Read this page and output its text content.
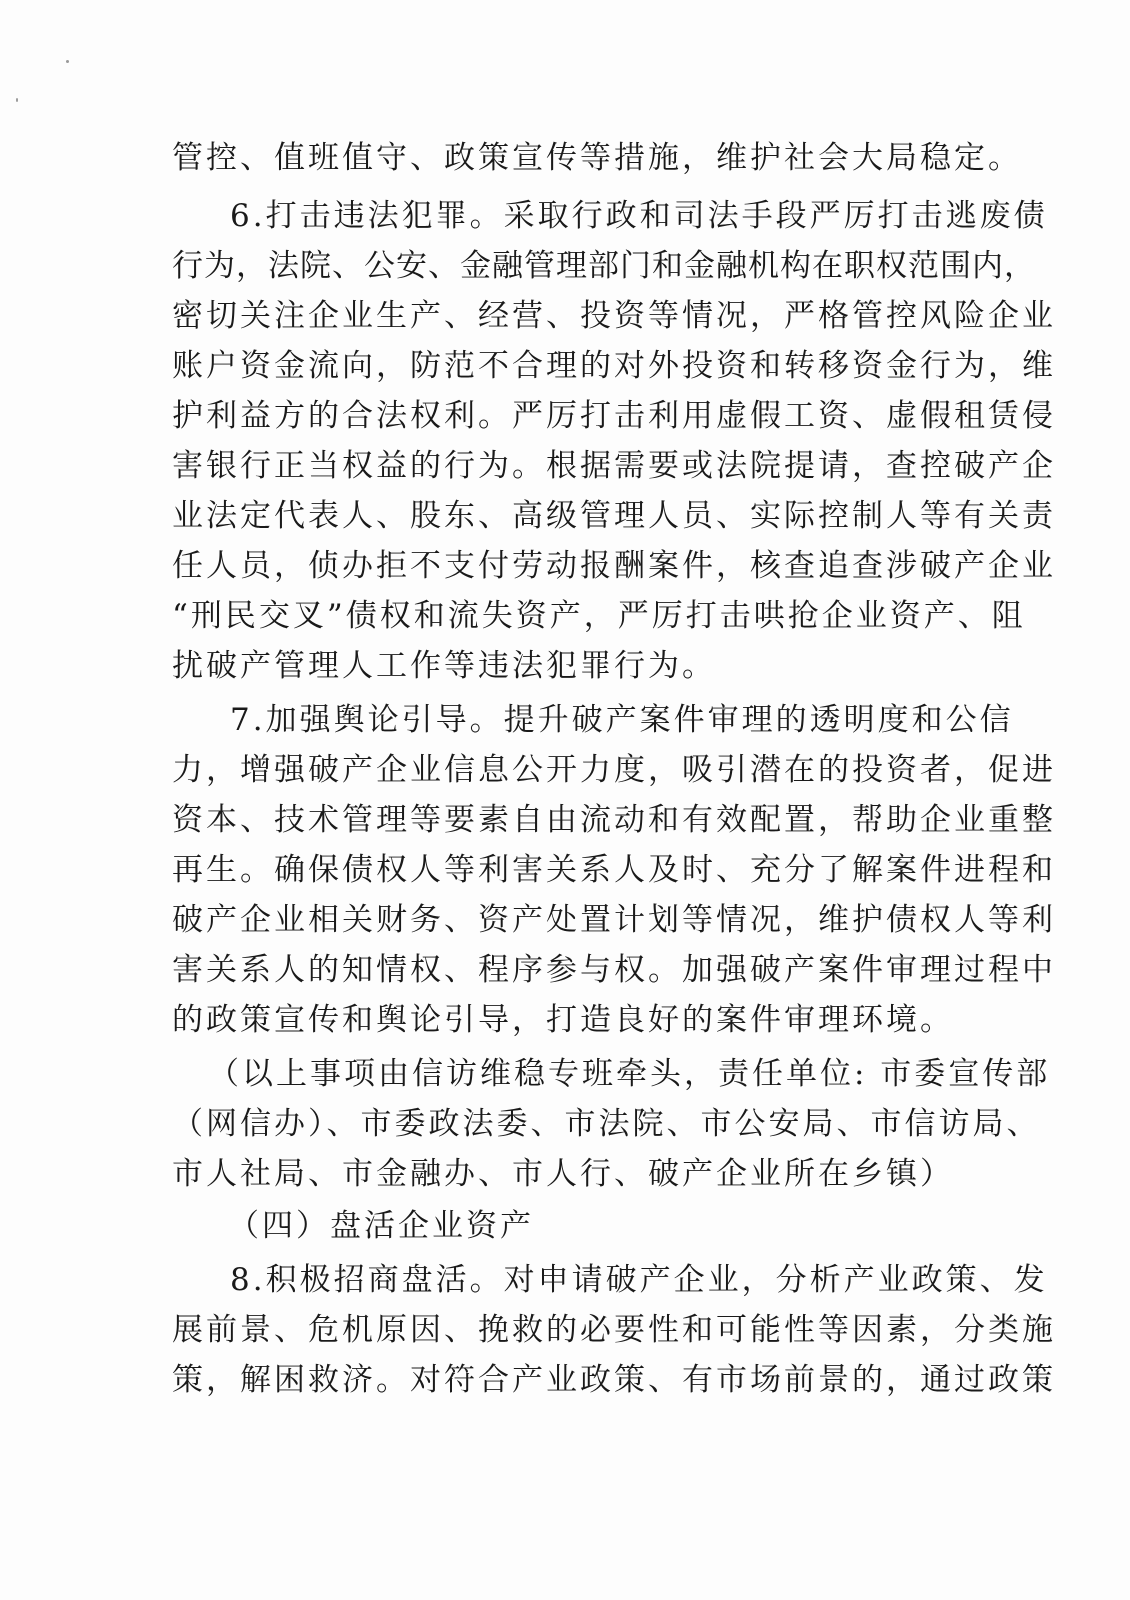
管控、值班值守、政策宣传等措施，维护社会大局稳定。
6.打击违法犯罪。采取行政和司法手段严厉打击逃废债
行为，法院、公安、金融管理部门和金融机构在职权范围内，
密切关注企业生产、经营、投资等情况，严格管控风险企业
账户资金流向，防范不合理的对外投资和转移资金行为，维
护利益方的合法权利。严厉打击利用虚假工资、虚假租赁侵
害银行正当权益的行为。根据需要或法院提请，查控破产企
业法定代表人、股东、高级管理人员、实际控制人等有关责
任人员，侦办拒不支付劳动报酬案件，核查追查涉破产企业
“刑民交叉”债权和流失资产，严厉打击哄抢企业资产、阻
扰破产管理人工作等违法犯罪行为。
7.加强舆论引导。提升破产案件审理的透明度和公信
力，增强破产企业信息公开力度，吸引潜在的投资者，促进
资本、技术管理等要素自由流动和有效配置，帮助企业重整
再生。确保债权人等利害关系人及时、充分了解案件进程和
破产企业相关财务、资产处置计划等情况，维护债权人等利
害关系人的知情权、程序参与权。加强破产案件审理过程中
的政策宣传和舆论引导，打造良好的案件审理环境。
（以上事项由信访维稳专班牵头，责任单位: 市委宣传部
（网信办）、市委政法委、市法院、市公安局、市信访局、
市人社局、市金融办、市人行、破产企业所在乡镇）
（四）盘活企业资产
8.积极招商盘活。对申请破产企业，分析产业政策、发
展前景、危机原因、挽救的必要性和可能性等因素，分类施
策，解困救济。对符合产业政策、有市场前景的，通过政策
